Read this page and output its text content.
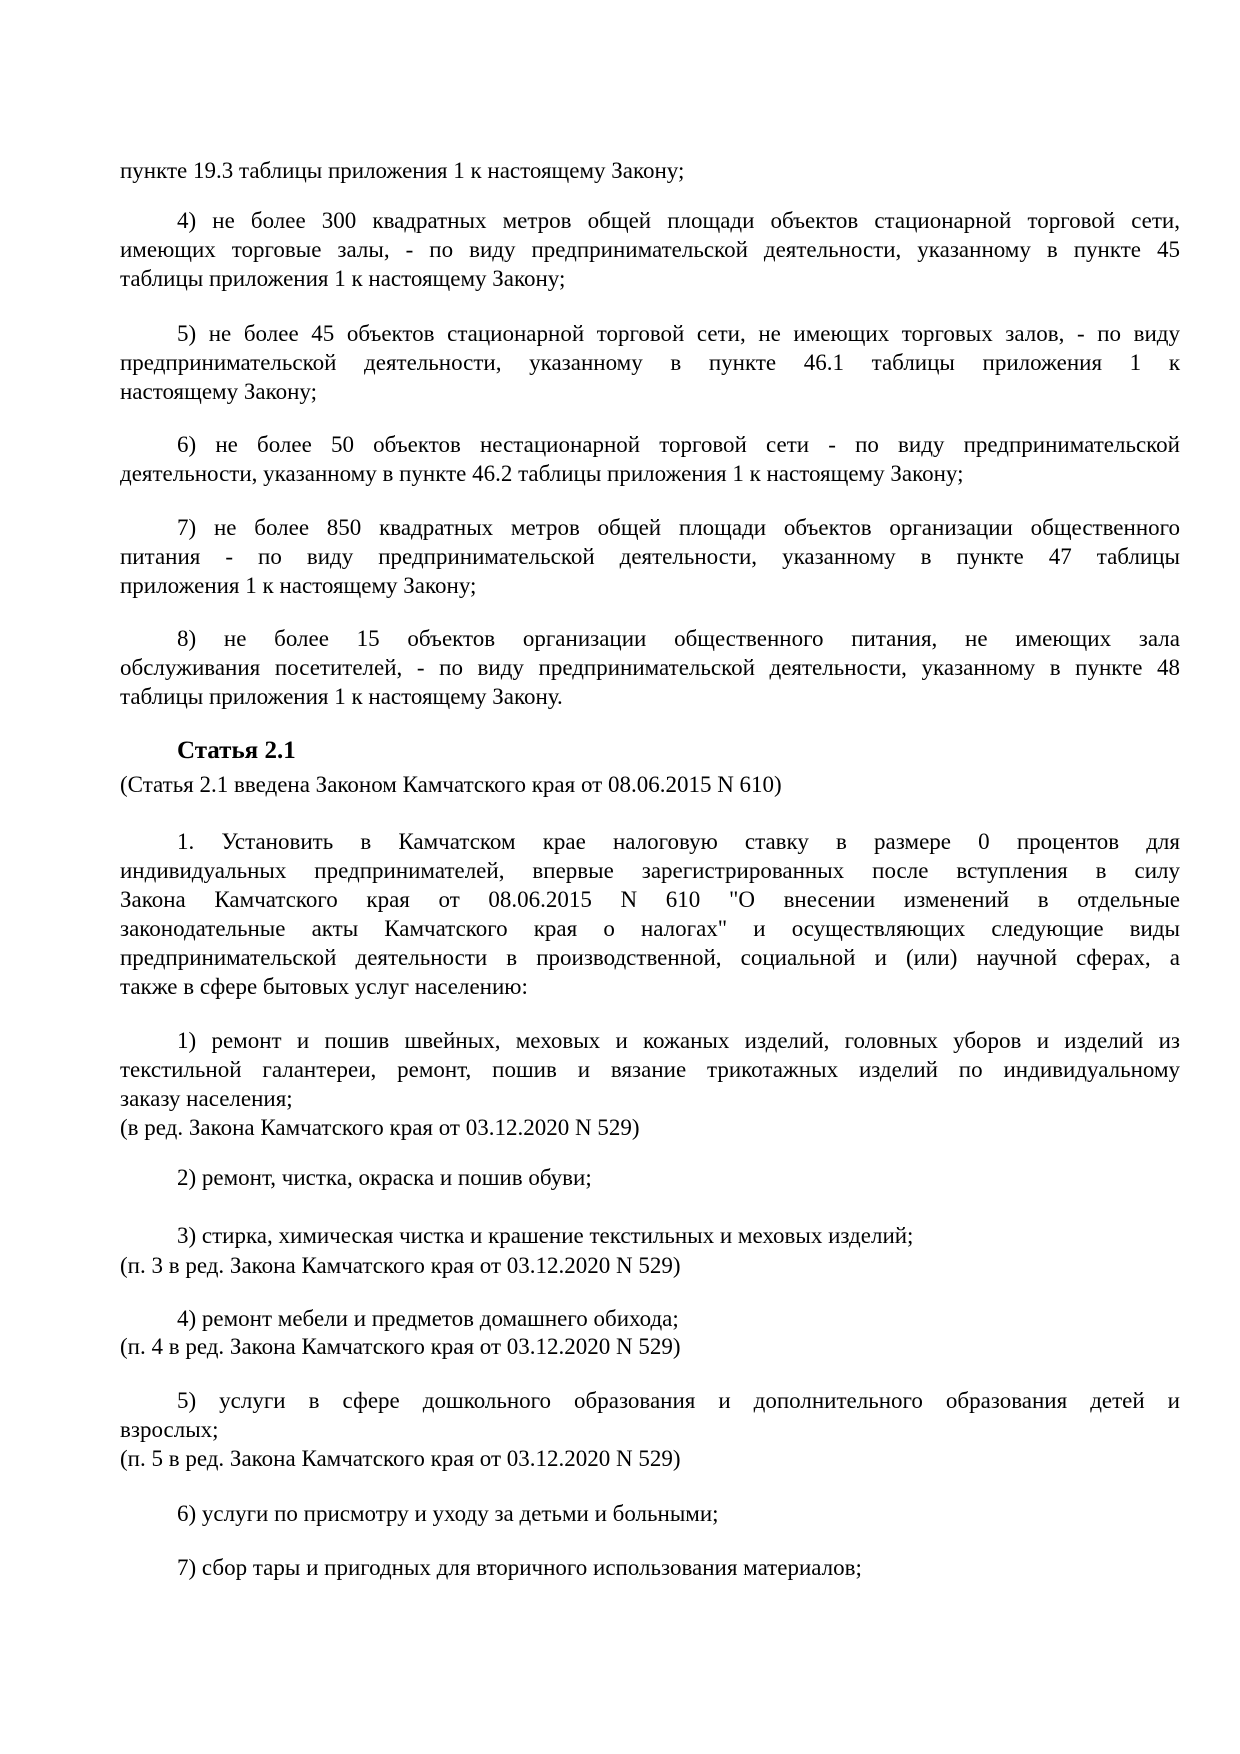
пункте 19.3 таблицы приложения 1 к настоящему Закону;
4) не более 300 квадратных метров общей площади объектов стационарной торговой сети,
имеющих торговые залы, - по виду предпринимательской деятельности, указанному в пункте 45
таблицы приложения 1 к настоящему Закону;
5) не более 45 объектов стационарной торговой сети, не имеющих торговых залов, - по виду
предпринимательской деятельности, указанному в пункте 46.1 таблицы приложения 1 к
настоящему Закону;
6) не более 50 объектов нестационарной торговой сети - по виду предпринимательской
деятельности, указанному в пункте 46.2 таблицы приложения 1 к настоящему Закону;
7) не более 850 квадратных метров общей площади объектов организации общественного
питания - по виду предпринимательской деятельности, указанному в пункте 47 таблицы
приложения 1 к настоящему Закону;
8) не более 15 объектов организации общественного питания, не имеющих зала
обслуживания посетителей, - по виду предпринимательской деятельности, указанному в пункте 48
таблицы приложения 1 к настоящему Закону.
Статья 2.1
(Статья 2.1 введена Законом Камчатского края от 08.06.2015 N 610)
1. Установить в Камчатском крае налоговую ставку в размере 0 процентов для
индивидуальных предпринимателей, впервые зарегистрированных после вступления в силу
Закона Камчатского края от 08.06.2015 N 610 "О внесении изменений в отдельные
законодательные акты Камчатского края о налогах" и осуществляющих следующие виды
предпринимательской деятельности в производственной, социальной и (или) научной сферах, а
также в сфере бытовых услуг населению:
1) ремонт и пошив швейных, меховых и кожаных изделий, головных уборов и изделий из
текстильной галантереи, ремонт, пошив и вязание трикотажных изделий по индивидуальному
заказу населения;
(в ред. Закона Камчатского края от 03.12.2020 N 529)
2) ремонт, чистка, окраска и пошив обуви;
3) стирка, химическая чистка и крашение текстильных и меховых изделий;
(п. 3 в ред. Закона Камчатского края от 03.12.2020 N 529)
4) ремонт мебели и предметов домашнего обихода;
(п. 4 в ред. Закона Камчатского края от 03.12.2020 N 529)
5) услуги в сфере дошкольного образования и дополнительного образования детей и
взрослых;
(п. 5 в ред. Закона Камчатского края от 03.12.2020 N 529)
6) услуги по присмотру и уходу за детьми и больными;
7) сбор тары и пригодных для вторичного использования материалов;
